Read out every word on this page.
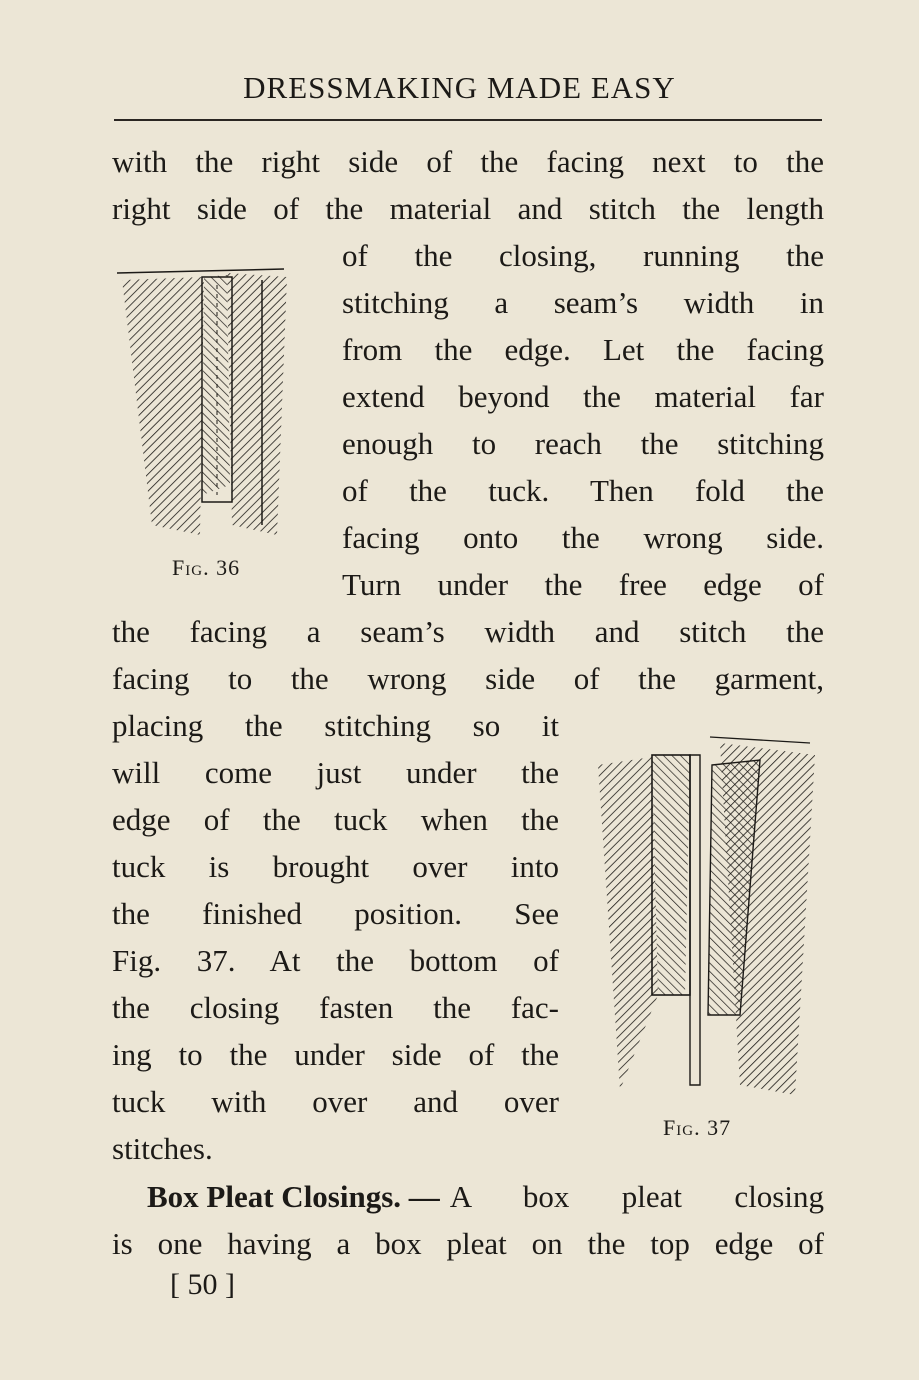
DRESSMAKING MADE EASY
with the right side of the facing next to the
right side of the material and stitch the length
of the closing, running the
stitching a seam’s width in
from the edge. Let the facing
extend beyond the material far
enough to reach the stitching
of the tuck. Then fold the
facing onto the wrong side.
Turn under the free edge of
the facing a seam’s width and stitch the
facing to the wrong side of the garment,
placing the stitching so it
will come just under the
edge of the tuck when the
tuck is brought over into
the finished position. See
Fig. 37. At the bottom of
the closing fasten the fac-
ing to the under side of the
tuck with over and over
stitches.
Box Pleat Closings. — A box pleat closing
is one having a box pleat on the top edge of
[ 50 ]
Fig. 36
Fig. 37
